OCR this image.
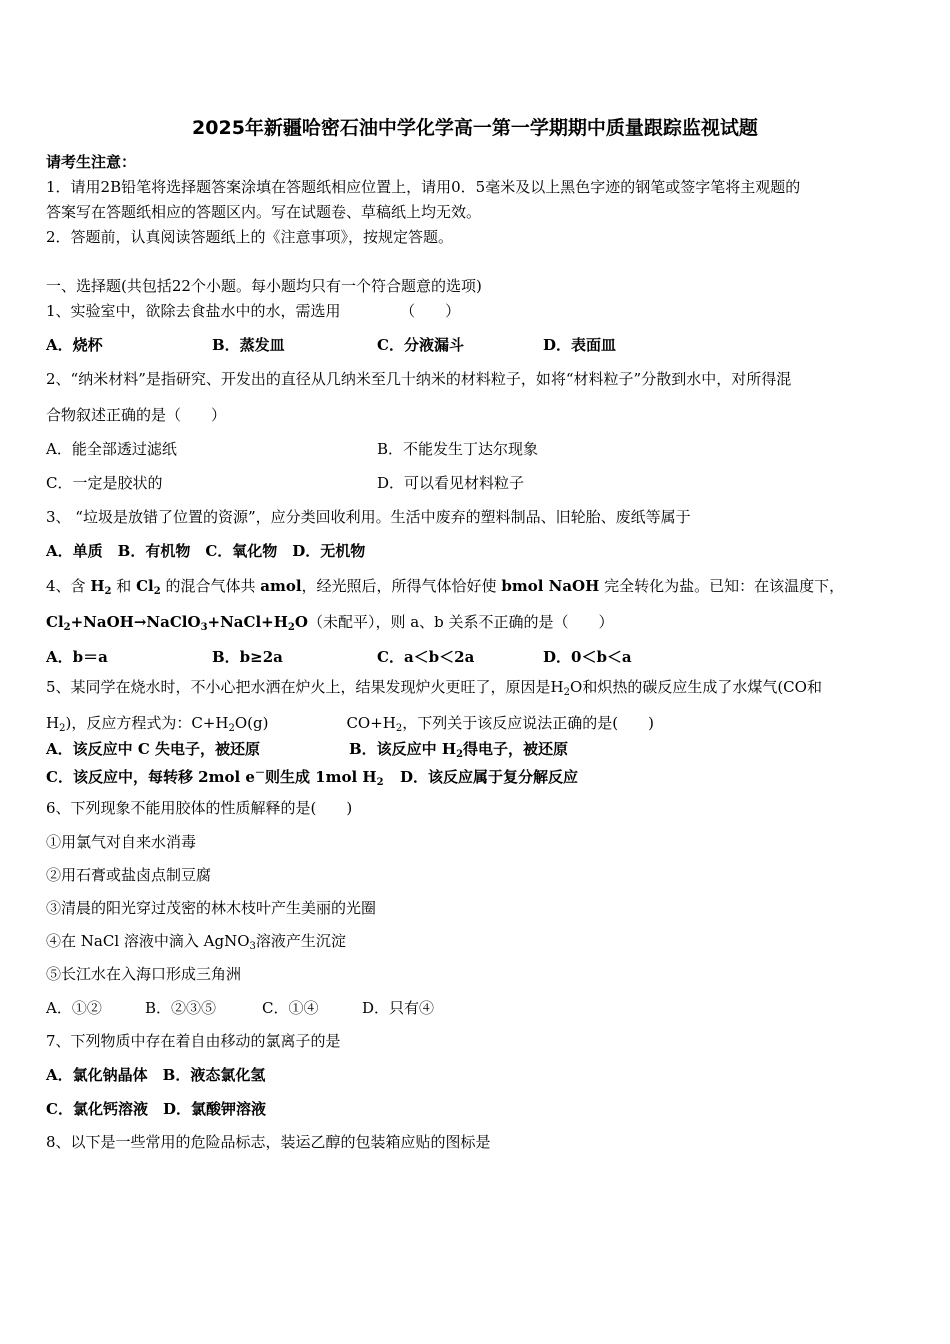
2025年新疆哈密石油中学化学高一第一学期期中质量跟踪监视试题
请考生注意：
1．请用2B铅笔将选择题答案涂填在答题纸相应位置上，请用0．5毫米及以上黑色字迹的钢笔或签字笔将主观题的
答案写在答题纸相应的答题区内。写在试题卷、草稿纸上均无效。
2．答题前，认真阅读答题纸上的《注意事项》，按规定答题。
一、选择题(共包括22个小题。每小题均只有一个符合题意的选项)
1、实验室中，欲除去食盐水中的水，需选用	（　　）
A．烧杯	B．蒸发皿	C．分液漏斗	D．表面皿
2、“纳米材料”是指研究、开发出的直径从几纳米至几十纳米的材料粒子，如将“材料粒子”分散到水中，对所得混
合物叙述正确的是（　　）
A．能全部透过滤纸	B．不能发生丁达尔现象
C．一定是胶状的	D．可以看见材料粒子
3、 “垃圾是放错了位置的资源”，应分类回收利用。生活中废弃的塑料制品、旧轮胎、废纸等属于
A．单质　B．有机物　C．氧化物　D．无机物
4、含 $H_2$ 和 $Cl_2$ 的混合气体共 amol，经光照后，所得气体恰好使 bmol NaOH 完全转化为盐。已知：在该温度下，
$Cl_2+NaOH\to NaClO_3+NaCl+H_2O$（未配平），则 a、b 关系不正确的是（　　）
A．b＝a	B．b≥2a	C．a＜b＜2a	D．0＜b＜a
5、某同学在烧水时，不小心把水洒在炉火上，结果发现炉火更旺了，原因是$H_2O$和炽热的碳反应生成了水煤气(CO和
$H_2$)，反应方程式为：$C+H_2O(g)$	$CO+H_2$，下列关于该反应说法正确的是(　　)
A．该反应中 C 失电子，被还原	B．该反应中 $H_2$得电子，被还原
C．该反应中，每转移 2mol e－则生成 1mol $H_2$ D．该反应属于复分解反应
6、下列现象不能用胶体的性质解释的是(　　)
①用氯气对自来水消毒
②用石膏或盐卤点制豆腐
③清晨的阳光穿过茂密的林木枝叶产生美丽的光圈
④在 NaCl 溶液中滴入 AgNO$_3$溶液产生沉淀
⑤长江水在入海口形成三角洲
A．①②	B．②③⑤	C．①④	D．只有④
7、下列物质中存在着自由移动的氯离子的是
A．氯化钠晶体　B．液态氯化氢
C．氯化钙溶液　D．氯酸钾溶液
8、以下是一些常用的危险品标志，装运乙醇的包装箱应贴的图标是
